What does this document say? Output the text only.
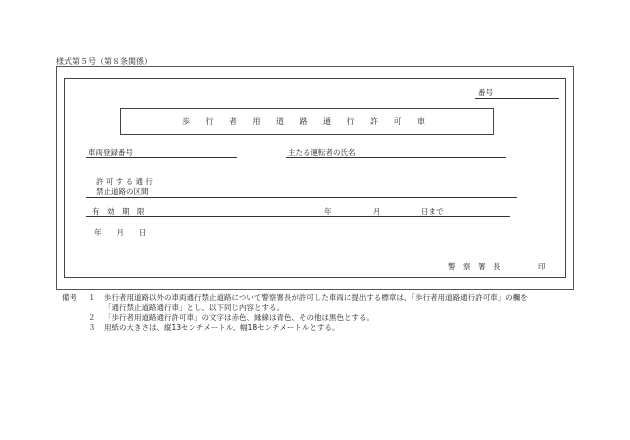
様式第５号（第８条関係）
番号
歩行者用道路通行許可車
車両登録番号	主たる運転者の氏名
許 可 す る 通 行
禁止道路の区間
有　効　期　限	年	月	日まで
年　　月　　日
警　察　署　長	印
備考 １ 歩行者用道路以外の車両通行禁止道路について警察署長が許可した車両に提出する標章は、「歩行者用道路通行許可車」の欄を
「通行禁止道路通行車」とし、以下同じ内容とする。
２ 「歩行者用道路通行許可車」の文字は赤色、縁線は青色、その他は黒色とする。
３ 用紙の大きさは、縦13センチメートル、幅18センチメートルとする。
